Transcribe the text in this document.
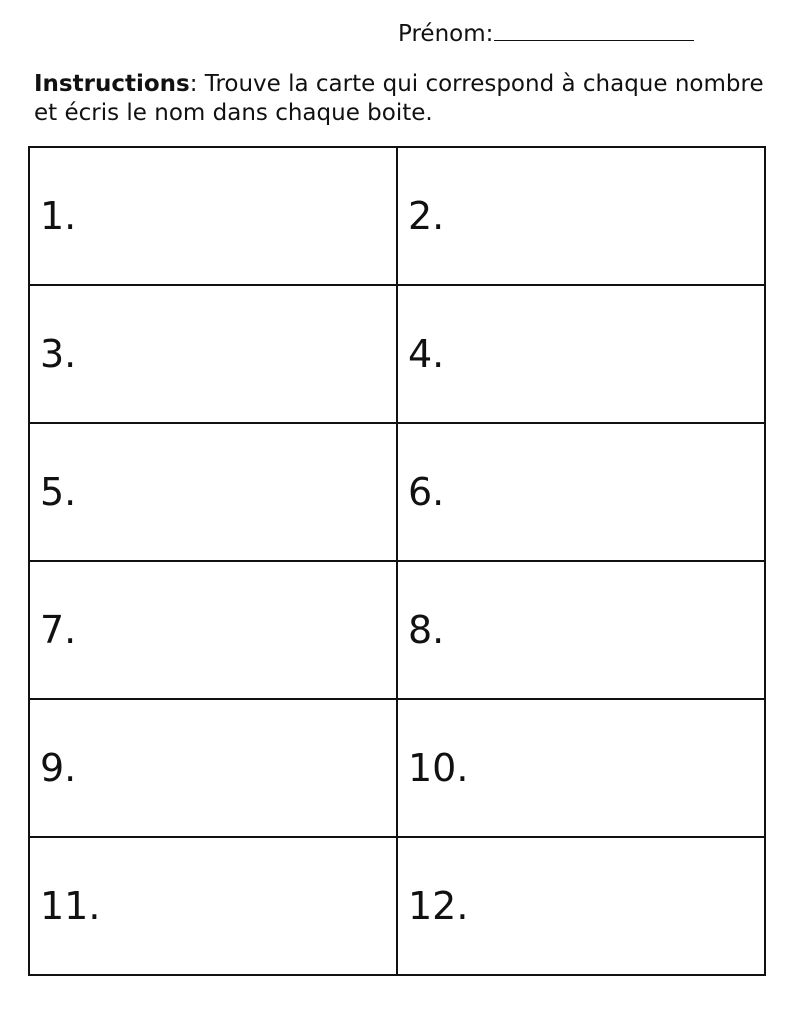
Prénom:
Instructions: Trouve la carte qui correspond à chaque nombre et écris le nom dans chaque boite.
1.	2.
3.	4.
5.	6.
7.	8.
9.	10.
11.	12.
